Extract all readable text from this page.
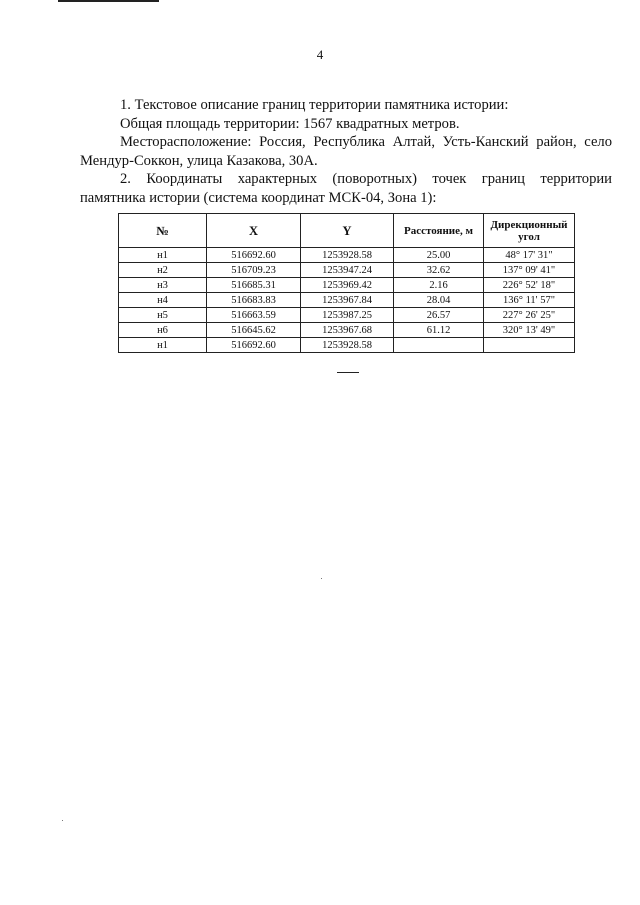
4

1. Текстовое описание границ территории памятника истории:

Общая площадь территории: 1567 квадратных метров.

Месторасположение: Россия, Республика Алтай, Усть-Канский район, село

Мендур-Соккон, улица Казакова, 30А.

2. Координаты характерных (поворотных) точек границ территории

памятника истории (система координат МСК-04, Зона 1):

№	X	Y	Расстояние, м	Дирекционный угол
н1	516692.60	1253928.58	25.00	48° 17' 31"
н2	516709.23	1253947.24	32.62	137° 09' 41"
н3	516685.31	1253969.42	2.16	226° 52' 18"
н4	516683.83	1253967.84	28.04	136° 11' 57"
н5	516663.59	1253987.25	26.57	227° 26' 25"
н6	516645.62	1253967.68	61.12	320° 13' 49"
н1	516692.60	1253928.58		
